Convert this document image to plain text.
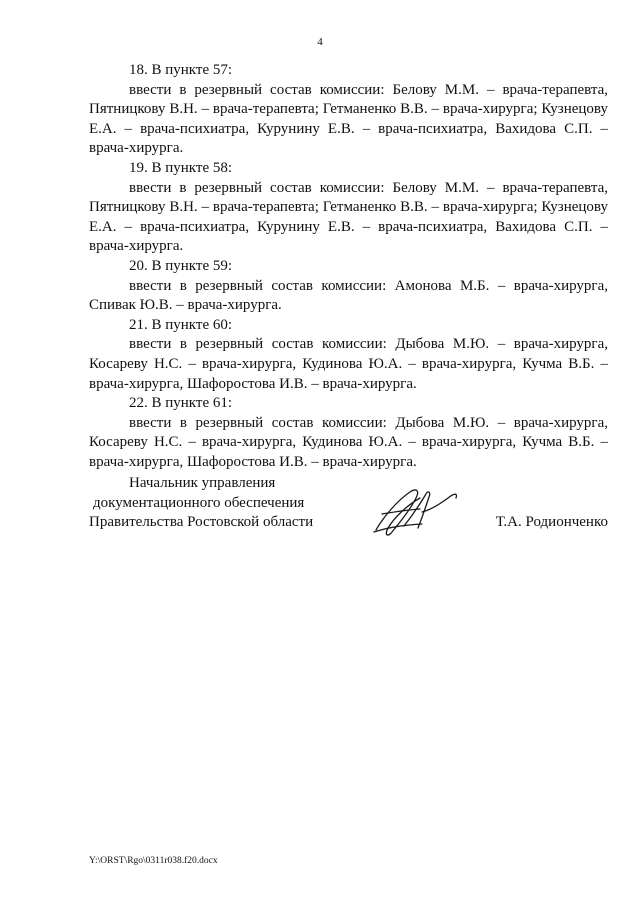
4

18. В пункте 57:

ввести в резервный состав комиссии: Белову М.М. – врача-терапевта, Пятницкову В.Н. – врача-терапевта; Гетманенко В.В. – врача-хирурга; Кузнецову Е.А. – врача-психиатра, Курунину Е.В. – врача-психиатра, Вахидова С.П. – врача-хирурга.

19. В пункте 58:

ввести в резервный состав комиссии: Белову М.М. – врача-терапевта, Пятницкову В.Н. – врача-терапевта; Гетманенко В.В. – врача-хирурга; Кузнецову Е.А. – врача-психиатра, Курунину Е.В. – врача-психиатра, Вахидова С.П. – врача-хирурга.

20. В пункте 59:

ввести в резервный состав комиссии: Амонова М.Б. – врача-хирурга, Спивак Ю.В. – врача-хирурга.

21. В пункте 60:

ввести в резервный состав комиссии: Дыбова М.Ю. – врача-хирурга, Косареву Н.С. – врача-хирурга, Кудинова Ю.А. – врача-хирурга, Кучма В.Б. – врача-хирурга, Шафоростова И.В. – врача-хирурга.

22. В пункте 61:

ввести в резервный состав комиссии: Дыбова М.Ю. – врача-хирурга, Косареву Н.С. – врача-хирурга, Кудинова Ю.А. – врача-хирурга, Кучма В.Б. – врача-хирурга, Шафоростова И.В. – врача-хирурга.

Начальник управления
документационного обеспечения
Правительства Ростовской области	Т.А. Родионченко
Y:\ORST\Rgo\0311r038.f20.docx
